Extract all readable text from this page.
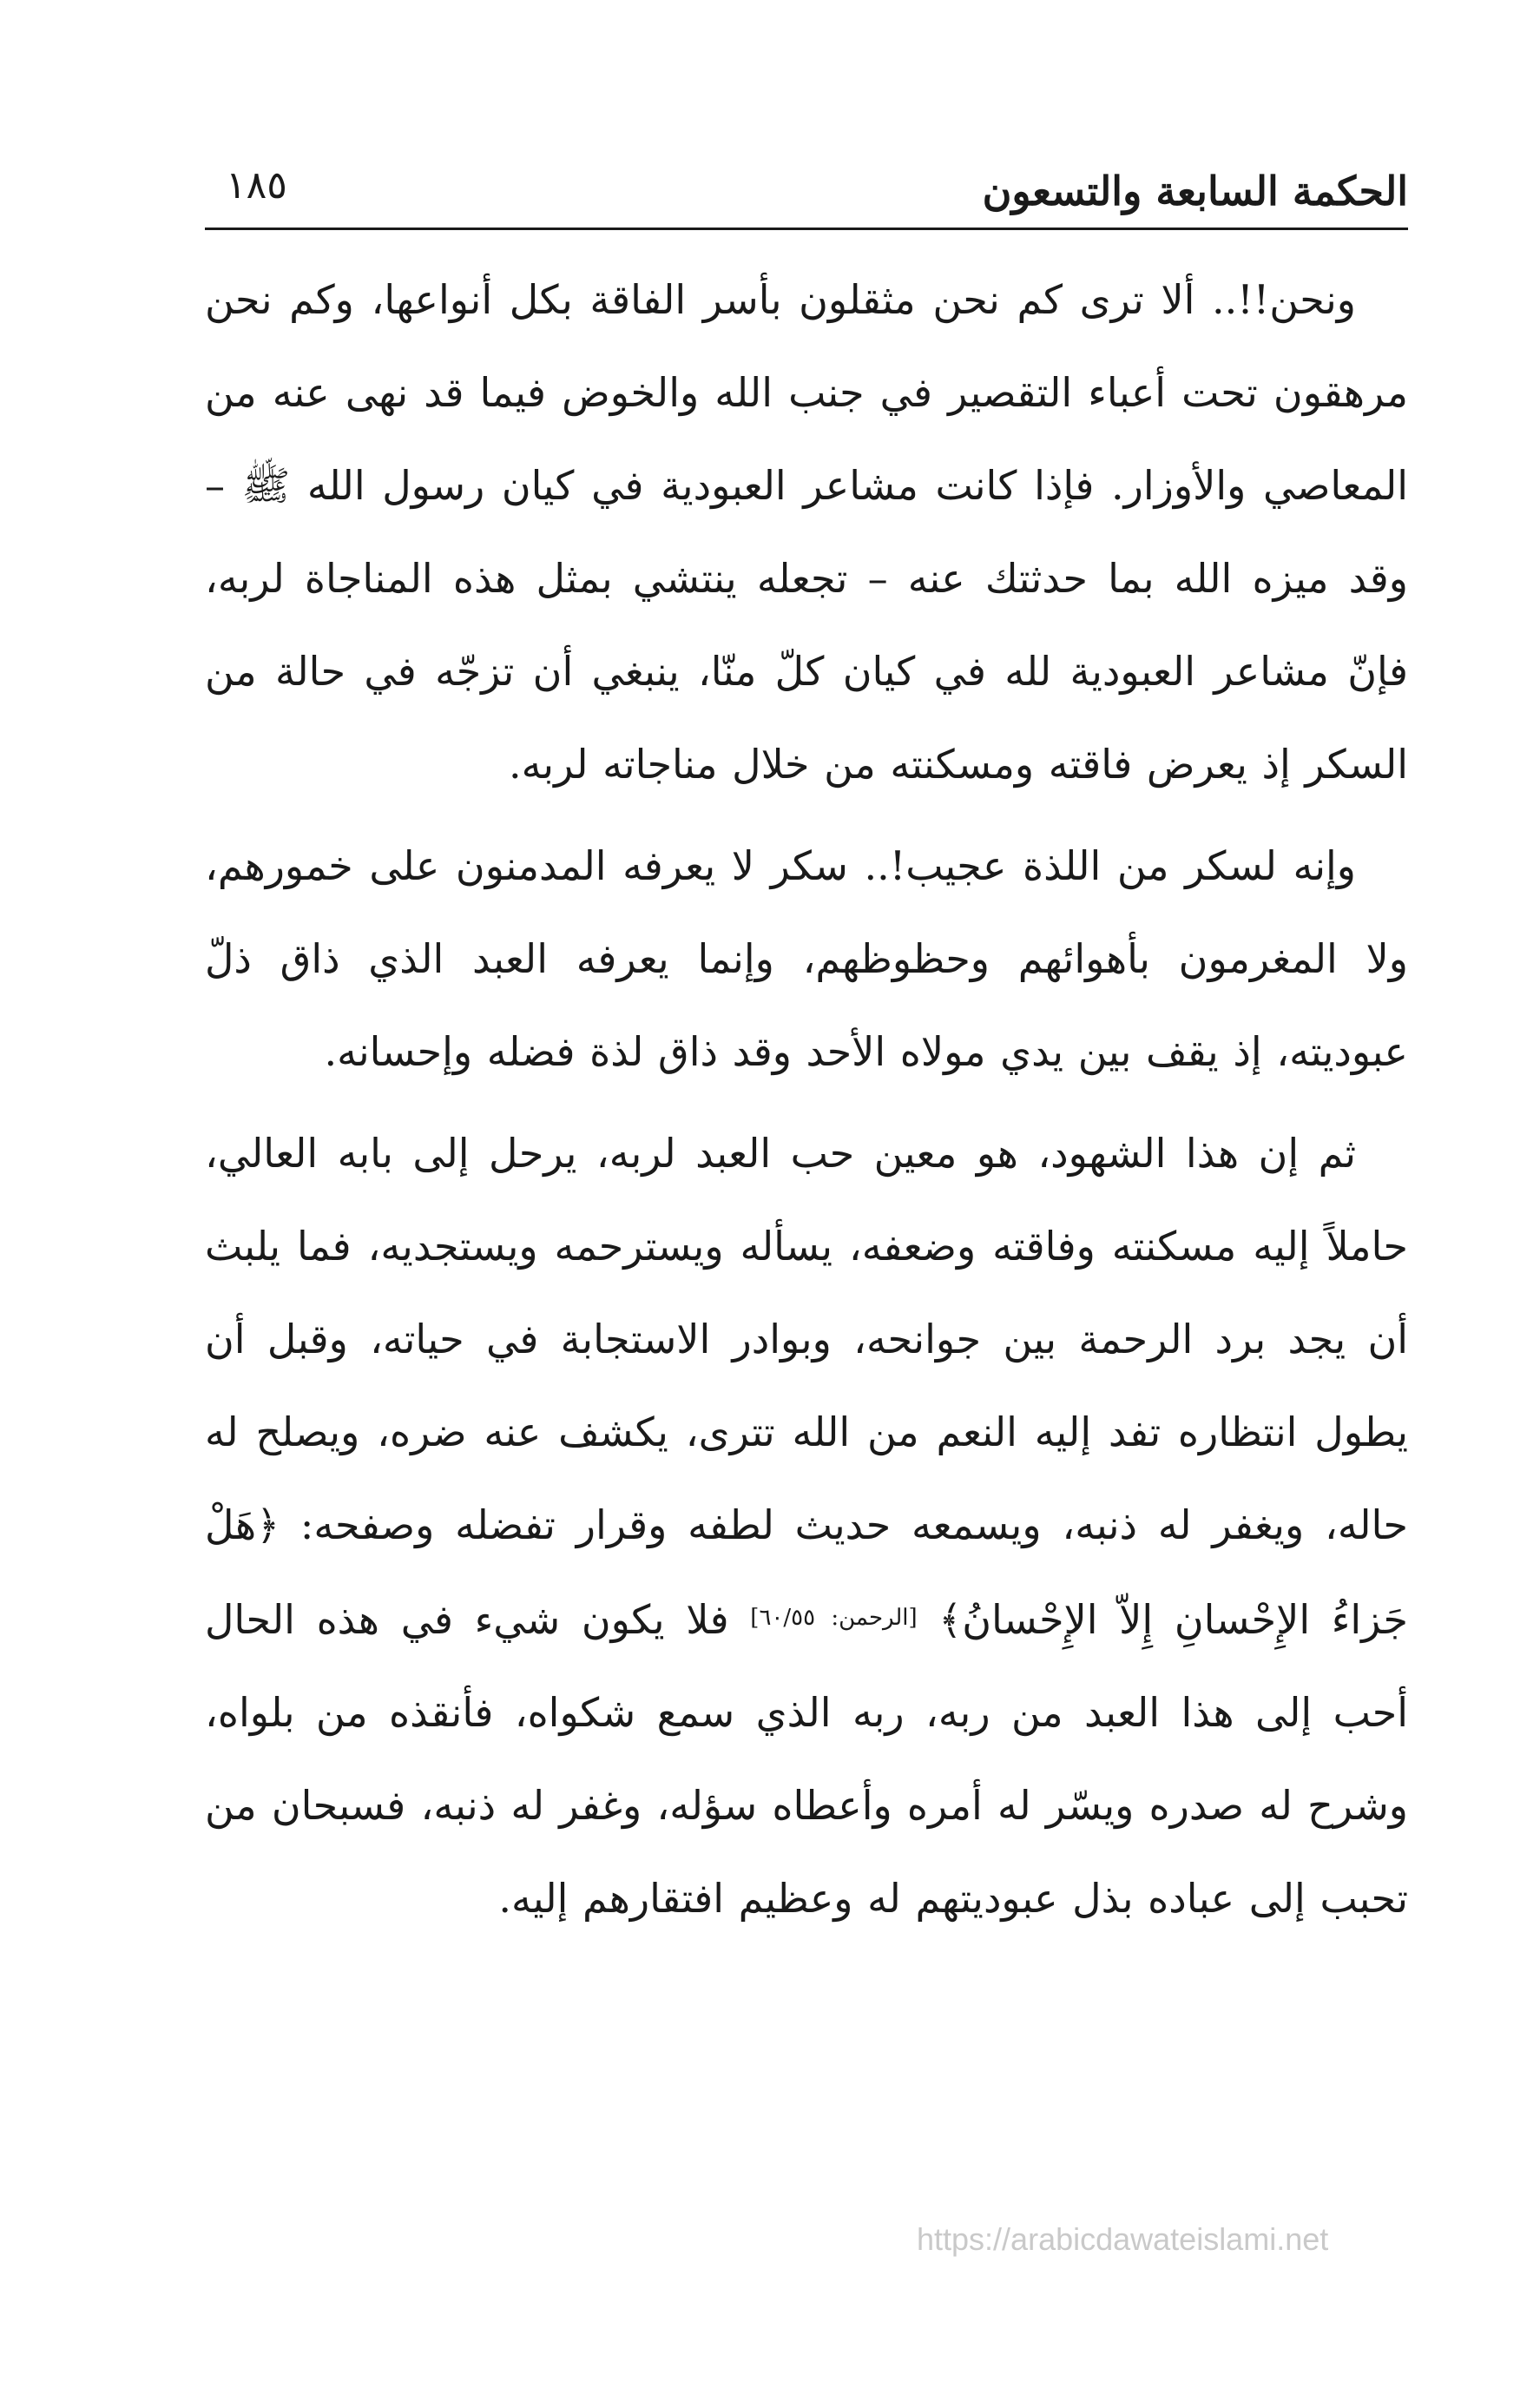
الحكمة السابعة والتسعون
١٨٥

ونحن!!.. ألا ترى كم نحن مثقلون بأسر الفاقة بكل أنواعها، وكم نحن مرهقون تحت أعباء التقصير في جنب الله والخوض فيما قد نهى عنه من المعاصي والأوزار. فإذا كانت مشاعر العبودية في كيان رسول الله ﷺ – وقد ميزه الله بما حدثتك عنه – تجعله ينتشي بمثل هذه المناجاة لربه، فإنّ مشاعر العبودية لله في كيان كلّ منّا، ينبغي أن تزجّه في حالة من السكر إذ يعرض فاقته ومسكنته من خلال مناجاته لربه.

وإنه لسكر من اللذة عجيب!.. سكر لا يعرفه المدمنون على خمورهم، ولا المغرمون بأهوائهم وحظوظهم، وإنما يعرفه العبد الذي ذاق ذلّ عبوديته، إذ يقف بين يدي مولاه الأحد وقد ذاق لذة فضله وإحسانه.

ثم إن هذا الشهود، هو معين حب العبد لربه، يرحل إلى بابه العالي، حاملاً إليه مسكنته وفاقته وضعفه، يسأله ويسترحمه ويستجديه، فما يلبث أن يجد برد الرحمة بين جوانحه، وبوادر الاستجابة في حياته، وقبل أن يطول انتظاره تفد إليه النعم من الله تترى، يكشف عنه ضره، ويصلح له حاله، ويغفر له ذنبه، ويسمعه حديث لطفه وقرار تفضله وصفحه: ﴿هَلْ جَزاءُ الإِحْسانِ إِلاّ الإِحْسانُ﴾ [الرحمن: ٦٠/٥٥] فلا يكون شيء في هذه الحال أحب إلى هذا العبد من ربه، ربه الذي سمع شكواه، فأنقذه من بلواه، وشرح له صدره ويسّر له أمره وأعطاه سؤله، وغفر له ذنبه، فسبحان من تحبب إلى عباده بذل عبوديتهم له وعظيم افتقارهم إليه.

https://arabicdawateislami.net
